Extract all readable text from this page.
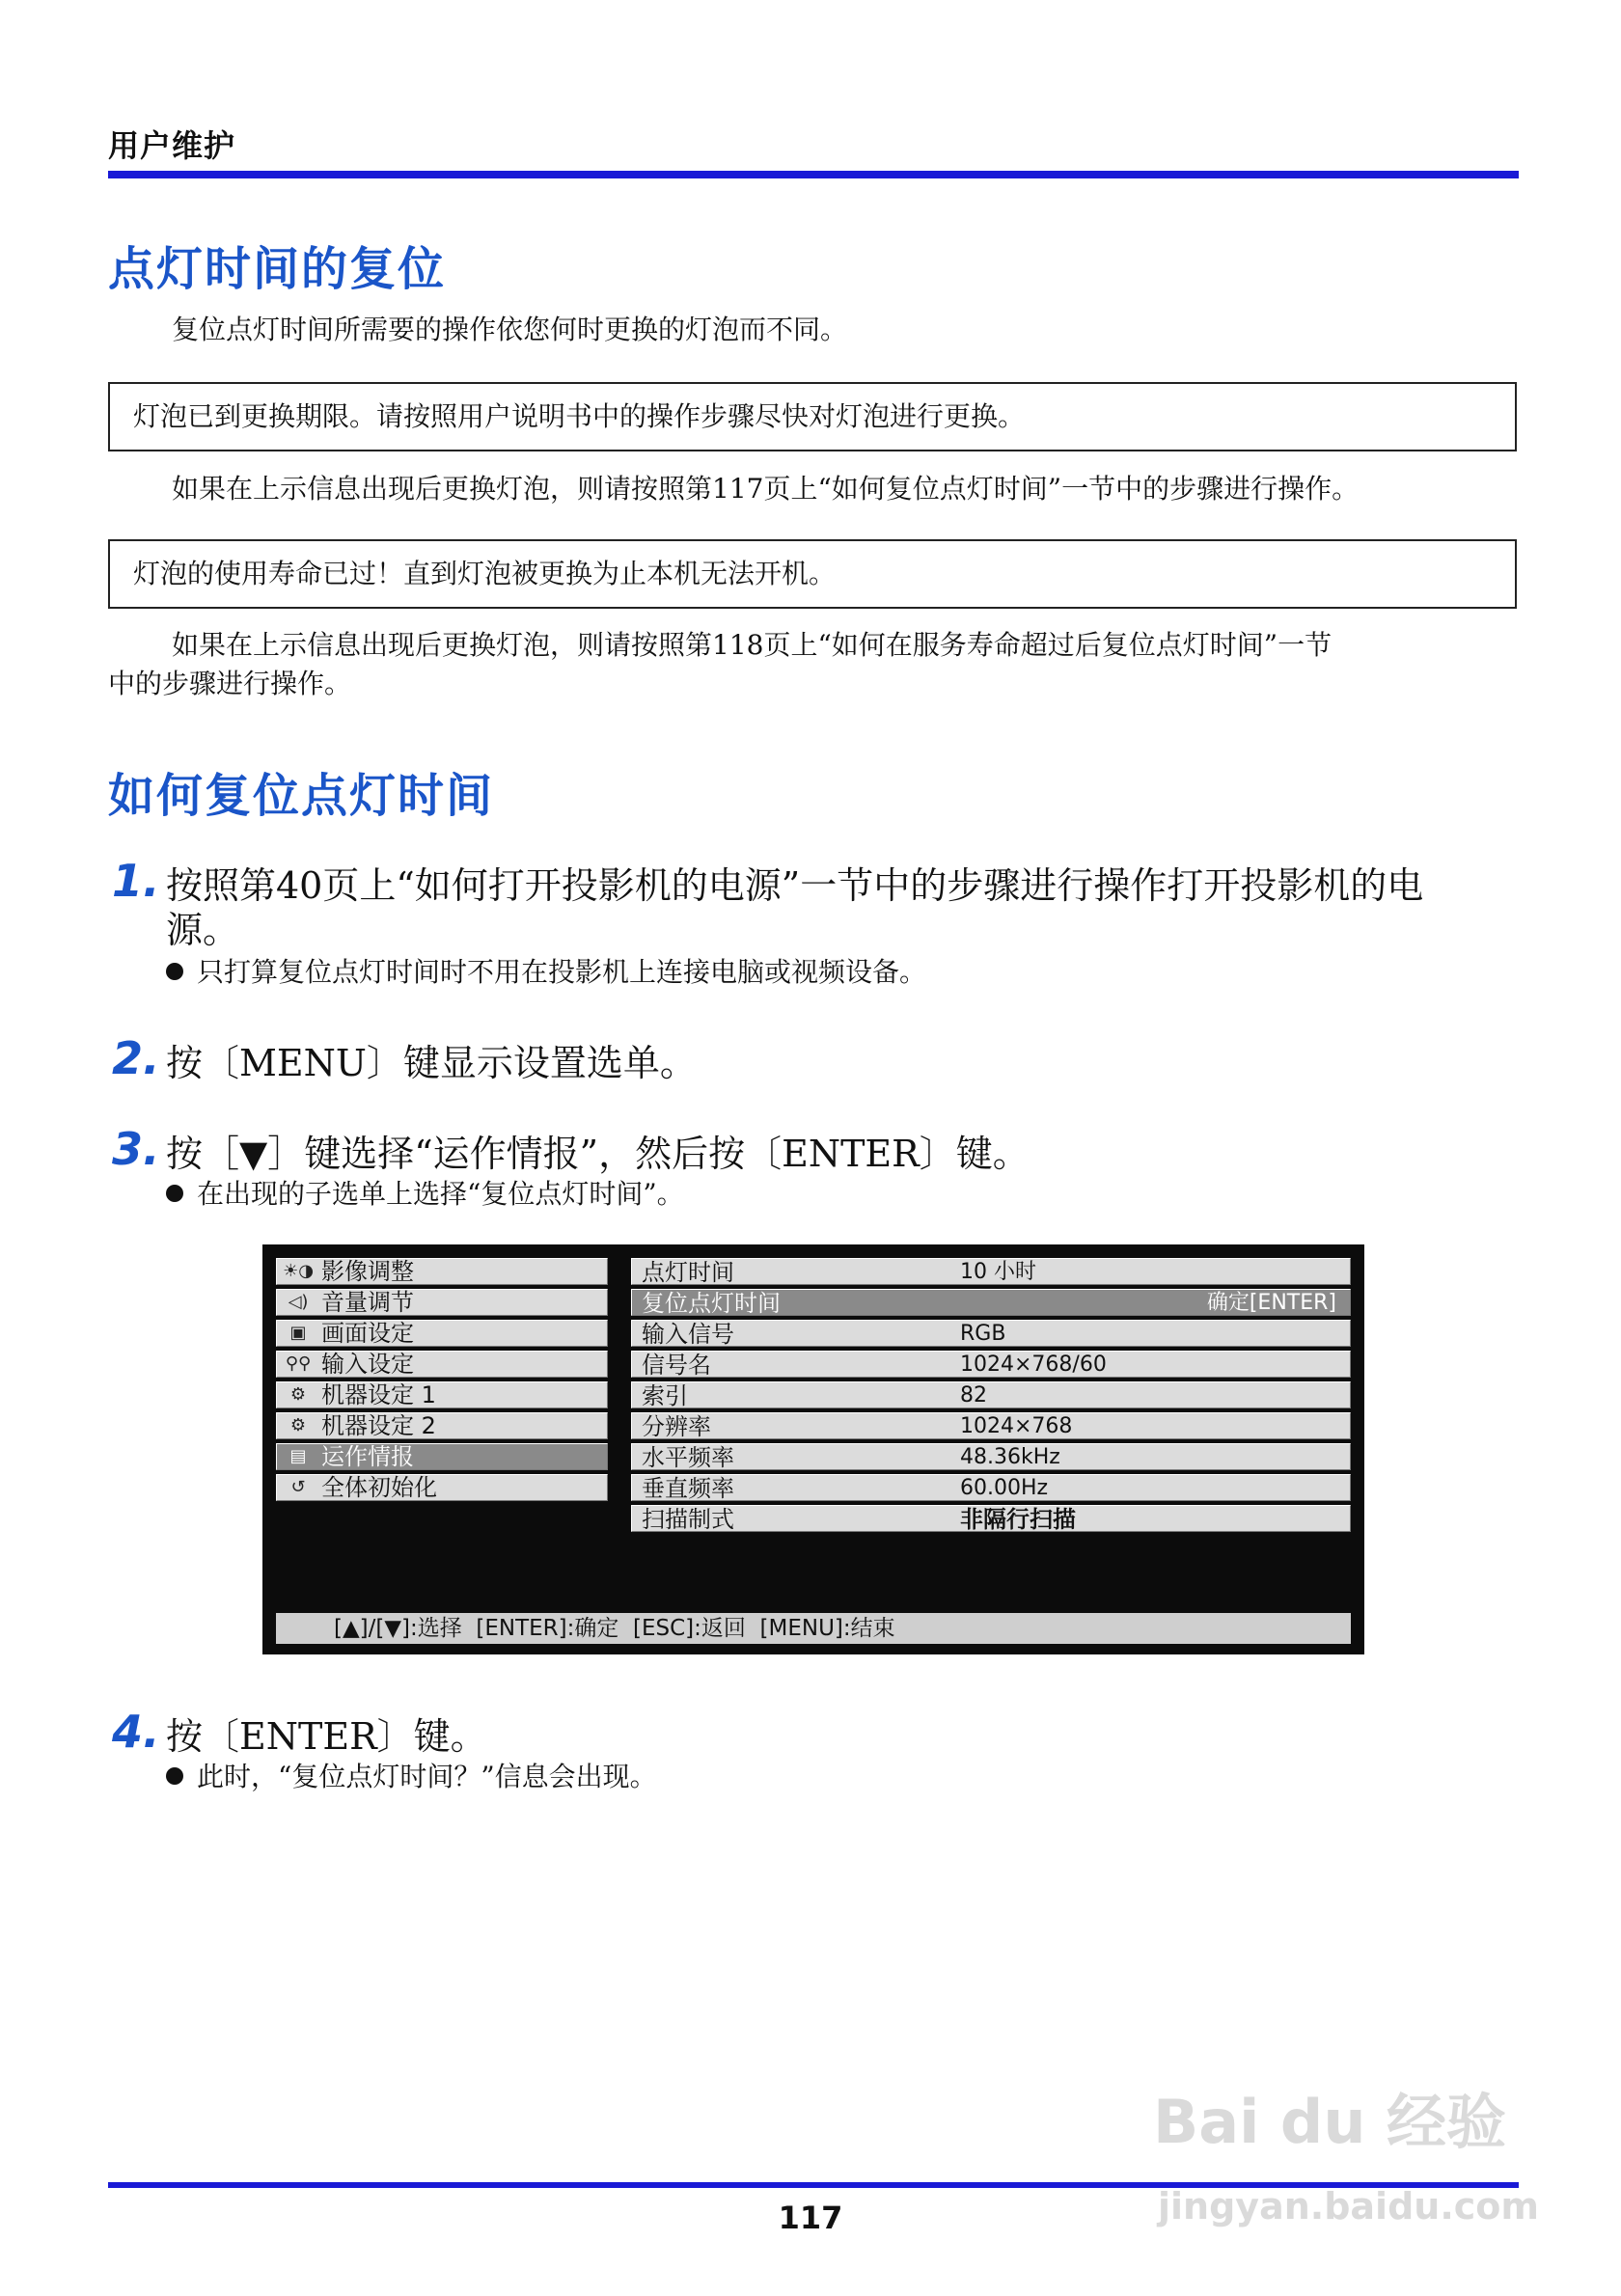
用户维护
点灯时间的复位
复位点灯时间所需要的操作依您何时更换的灯泡而不同。
灯泡已到更换期限。请按照用户说明书中的操作步骤尽快对灯泡进行更换。
如果在上示信息出现后更换灯泡，则请按照第117页上“如何复位点灯时间”一节中的步骤进行操作。
灯泡的使用寿命已过！直到灯泡被更换为止本机无法开机。
如果在上示信息出现后更换灯泡，则请按照第118页上“如何在服务寿命超过后复位点灯时间”一节
中的步骤进行操作。
如何复位点灯时间
1. 按照第40页上“如何打开投影机的电源”一节中的步骤进行操作打开投影机的电
源。
只打算复位点灯时间时不用在投影机上连接电脑或视频设备。
2. 按〔MENU〕键显示设置选单。
3. 按［▼］键选择“运作情报”，然后按〔ENTER〕键。
在出现的子选单上选择“复位点灯时间”。
☀◑ 影像调整
◁) 音量调节
▣ 画面设定
⚲⚲ 输入设定
⚙ 机器设定 1
⚙ 机器设定 2
▤ 运作情报
↺ 全体初始化
点灯时间	10 小时
复位点灯时间	确定[ENTER]
输入信号	RGB
信号名	1024×768/60
索引	82
分辨率	1024×768
水平频率	48.36kHz
垂直频率	60.00Hz
扫描制式	非隔行扫描
[▲]/[▼]:选择  [ENTER]:确定  [ESC]:返回  [MENU]:结束
4. 按〔ENTER〕键。
此时，“复位点灯时间？”信息会出现。
Bai du 经验
117	jingyan.baidu.com
